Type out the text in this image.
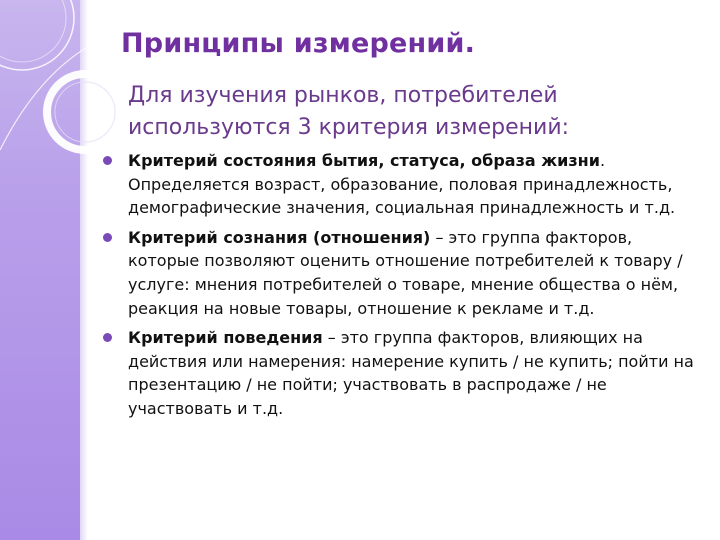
Принципы измерений.

Для изучения рынков, потребителей используются 3 критерия измерений:

Критерий состояния бытия, статуса, образа жизни. Определяется возраст, образование, половая принадлежность, демографические значения, социальная принадлежность и т.д.
Критерий сознания (отношения) – это группа факторов, которые позволяют оценить отношение потребителей к товару / услуге: мнения потребителей о товаре, мнение общества о нём, реакция на новые товары, отношение к рекламе и т.д.
Критерий поведения – это группа факторов, влияющих на действия или намерения: намерение купить / не купить; пойти на презентацию / не пойти; участвовать в распродаже / не участвовать и т.д.
